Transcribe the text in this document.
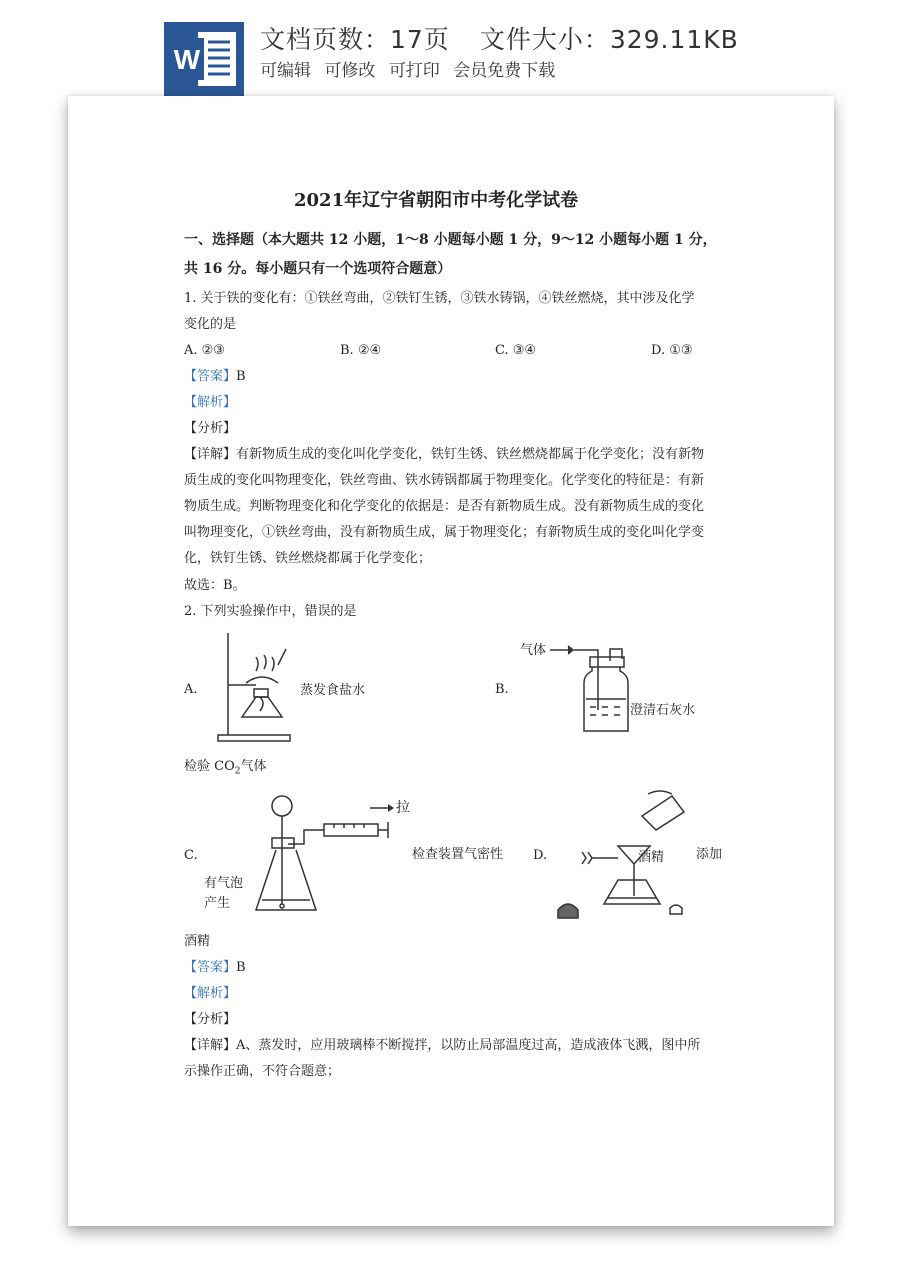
W
文档页数：17页 文件大小：329.11KB
可编辑 可修改 可打印 会员免费下载
2021年辽宁省朝阳市中考化学试卷
一、选择题（本大题共 12 小题，1～8 小题每小题 1 分，9～12 小题每小题 1 分，
共 16 分。每小题只有一个选项符合题意）
1. 关于铁的变化有：①铁丝弯曲，②铁钉生锈，③铁水铸锅，④铁丝燃烧，其中涉及化学
变化的是
A. ②③	B. ②④	C. ③④	D. ①③
【答案】B
【解析】
【分析】
【详解】有新物质生成的变化叫化学变化，铁钉生锈、铁丝燃烧都属于化学变化；没有新物
质生成的变化叫物理变化，铁丝弯曲、铁水铸锅都属于物理变化。化学变化的特征是：有新
物质生成。判断物理变化和化学变化的依据是：是否有新物质生成。没有新物质生成的变化
叫物理变化，①铁丝弯曲，没有新物质生成，属于物理变化；有新物质生成的变化叫化学变
化，铁钉生锈、铁丝燃烧都属于化学变化；
故选：B。
2. 下列实验操作中，错误的是
A.	蒸发食盐水	B.
气体
澄清石灰水
检验 $CO_2$气体
C.
拉
有气泡
产生
检查装置气密性 D.	酒精 添加
酒精
【答案】B
【解析】
【分析】
【详解】A、蒸发时，应用玻璃棒不断搅拌，以防止局部温度过高，造成液体飞溅，图中所
示操作正确，不符合题意；
